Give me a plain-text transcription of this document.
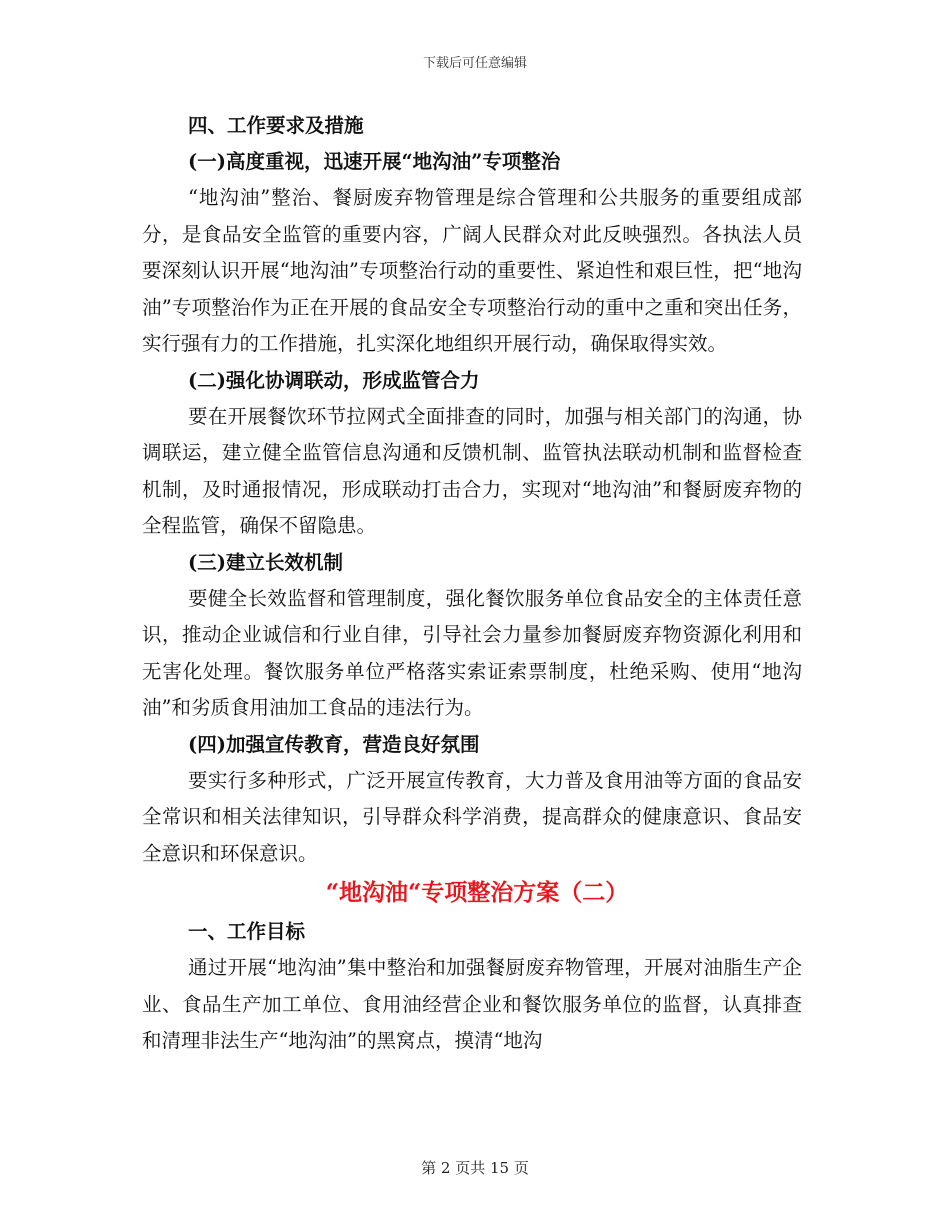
下载后可任意编辑
四、工作要求及措施
(一)高度重视，迅速开展“地沟油”专项整治
“地沟油”整治、餐厨废弃物管理是综合管理和公共服务的重要组成部分，是食品安全监管的重要内容，广阔人民群众对此反映强烈。各执法人员要深刻认识开展“地沟油”专项整治行动的重要性、紧迫性和艰巨性，把“地沟油”专项整治作为正在开展的食品安全专项整治行动的重中之重和突出任务，实行强有力的工作措施，扎实深化地组织开展行动，确保取得实效。
(二)强化协调联动，形成监管合力
要在开展餐饮环节拉网式全面排查的同时，加强与相关部门的沟通，协调联运，建立健全监管信息沟通和反馈机制、监管执法联动机制和监督检查机制，及时通报情况，形成联动打击合力，实现对“地沟油”和餐厨废弃物的全程监管，确保不留隐患。
(三)建立长效机制
要健全长效监督和管理制度，强化餐饮服务单位食品安全的主体责任意识，推动企业诚信和行业自律，引导社会力量参加餐厨废弃物资源化利用和无害化处理。餐饮服务单位严格落实索证索票制度，杜绝采购、使用“地沟油”和劣质食用油加工食品的违法行为。
(四)加强宣传教育，营造良好氛围
要实行多种形式，广泛开展宣传教育，大力普及食用油等方面的食品安全常识和相关法律知识，引导群众科学消费，提高群众的健康意识、食品安全意识和环保意识。
“地沟油“专项整治方案（二）
一、工作目标
通过开展“地沟油”集中整治和加强餐厨废弃物管理，开展对油脂生产企业、食品生产加工单位、食用油经营企业和餐饮服务单位的监督，认真排查和清理非法生产“地沟油”的黑窝点，摸清“地沟
第 2 页共 15 页
